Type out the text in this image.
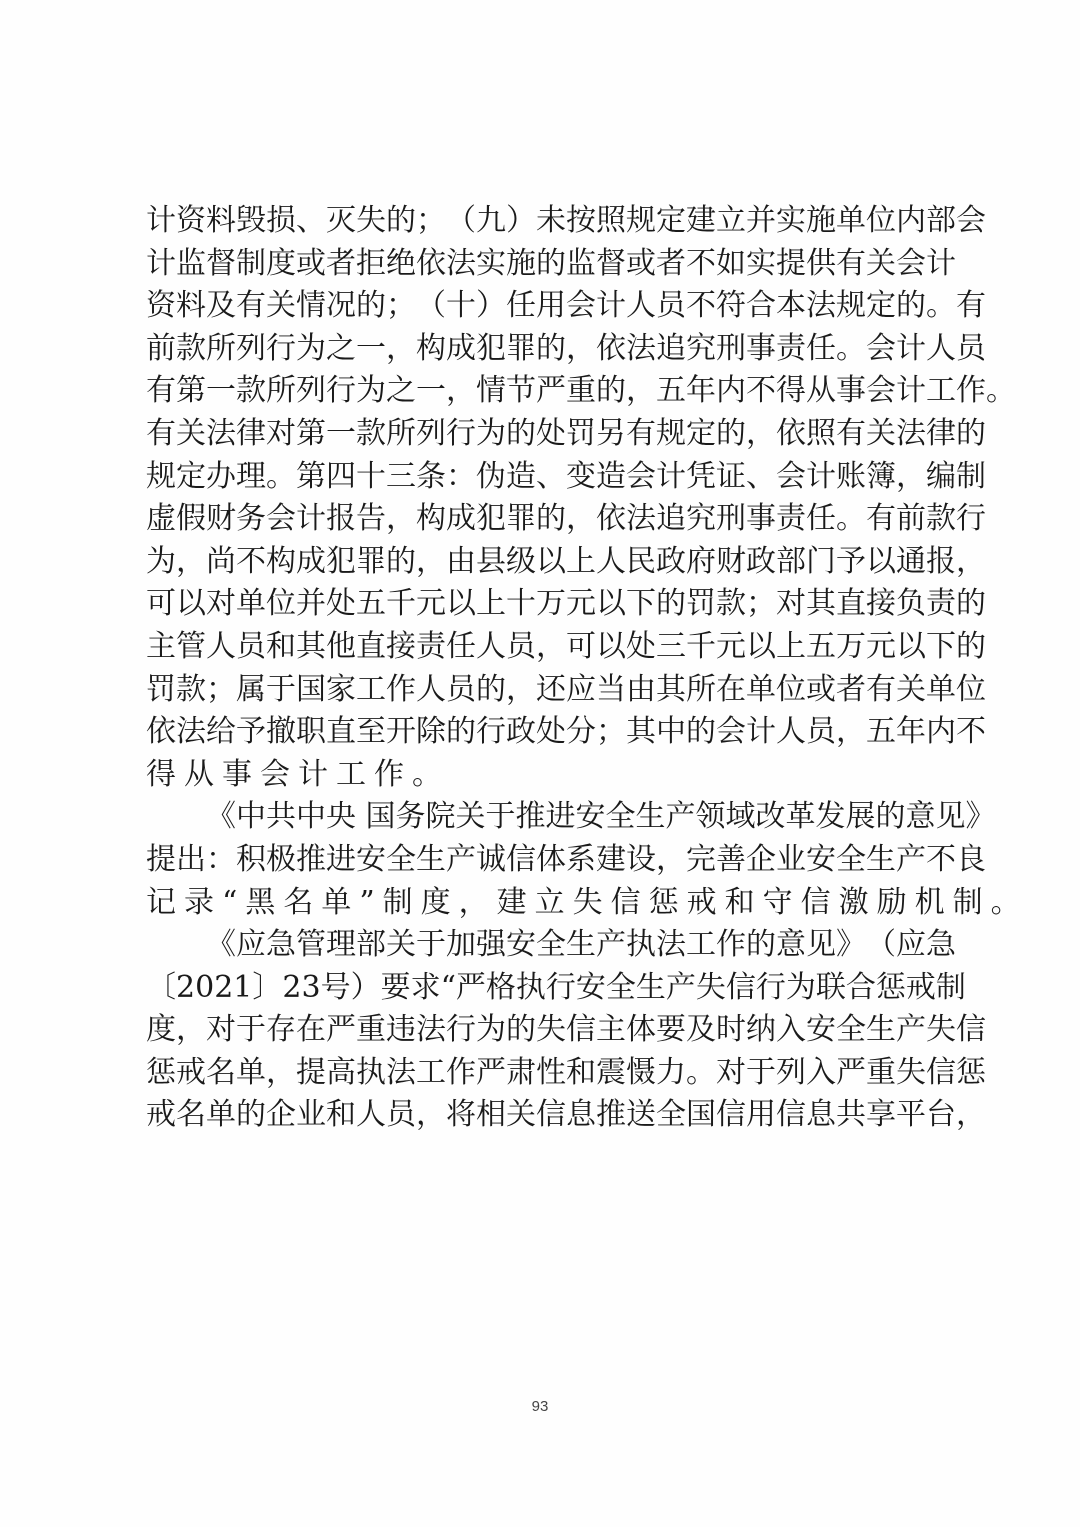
计 资 料 毁 损 、 灭 失 的 ； （ 九 ） 未 按 照 规 定 建 立 并 实 施 单 位 内 部 会
计 监 督 制 度 或 者 拒 绝 依 法 实 施 的 监 督 或 者 不 如 实 提 供 有 关 会 计
资 料 及 有 关 情 况 的 ； （ 十 ） 任 用 会 计 人 员 不 符 合 本 法 规 定 的 。 有
前 款 所 列 行 为 之 一 ， 构 成 犯 罪 的 ， 依 法 追 究 刑 事 责 任 。 会 计 人 员
有 第 一 款 所 列 行 为 之 一 ， 情 节 严 重 的 ， 五 年 内 不 得 从 事 会 计 工 作 。
有 关 法 律 对 第 一 款 所 列 行 为 的 处 罚 另 有 规 定 的 ， 依 照 有 关 法 律 的
规 定 办 理 。 第 四 十 三 条 ： 伪 造 、 变 造 会 计 凭 证 、 会 计 账 簿 ， 编 制
虚 假 财 务 会 计 报 告 ， 构 成 犯 罪 的 ， 依 法 追 究 刑 事 责 任 。 有 前 款 行
为 ， 尚 不 构 成 犯 罪 的 ， 由 县 级 以 上 人 民 政 府 财 政 部 门 予 以 通 报 ，
可 以 对 单 位 并 处 五 千 元 以 上 十 万 元 以 下 的 罚 款 ； 对 其 直 接 负 责 的
主 管 人 员 和 其 他 直 接 责 任 人 员 ， 可 以 处 三 千 元 以 上 五 万 元 以 下 的
罚 款 ； 属 于 国 家 工 作 人 员 的 ， 还 应 当 由 其 所 在 单 位 或 者 有 关 单 位
依 法 给 予 撤 职 直 至 开 除 的 行 政 处 分 ； 其 中 的 会 计 人 员 ， 五 年 内 不
得从事会计工作。
《 中 共 中 央
国 务 院 关 于 推 进 安 全 生 产 领 域 改 革 发 展 的 意 见 》
提 出 ： 积 极 推 进 安 全 生 产 诚 信 体 系 建 设 ， 完 善 企 业 安 全 生 产 不 良
记录“黑名单”制度，建立失信惩戒和守信激励机制。
《 应 急 管 理 部 关 于 加 强 安 全 生 产 执 法 工 作 的 意 见 》 （ 应 急
〔 2 0 2 1 〕 2 3 号 ） 要 求 “ 严 格 执 行 安 全 生 产 失 信 行 为 联 合 惩 戒 制
度 ， 对 于 存 在 严 重 违 法 行 为 的 失 信 主 体 要 及 时 纳 入 安 全 生 产 失 信
惩 戒 名 单 ， 提 高 执 法 工 作 严 肃 性 和 震 慑 力 。 对 于 列 入 严 重 失 信 惩
戒 名 单 的 企 业 和 人 员 ， 将 相 关 信 息 推 送 全 国 信 用 信 息 共 享 平 台 ，
93
